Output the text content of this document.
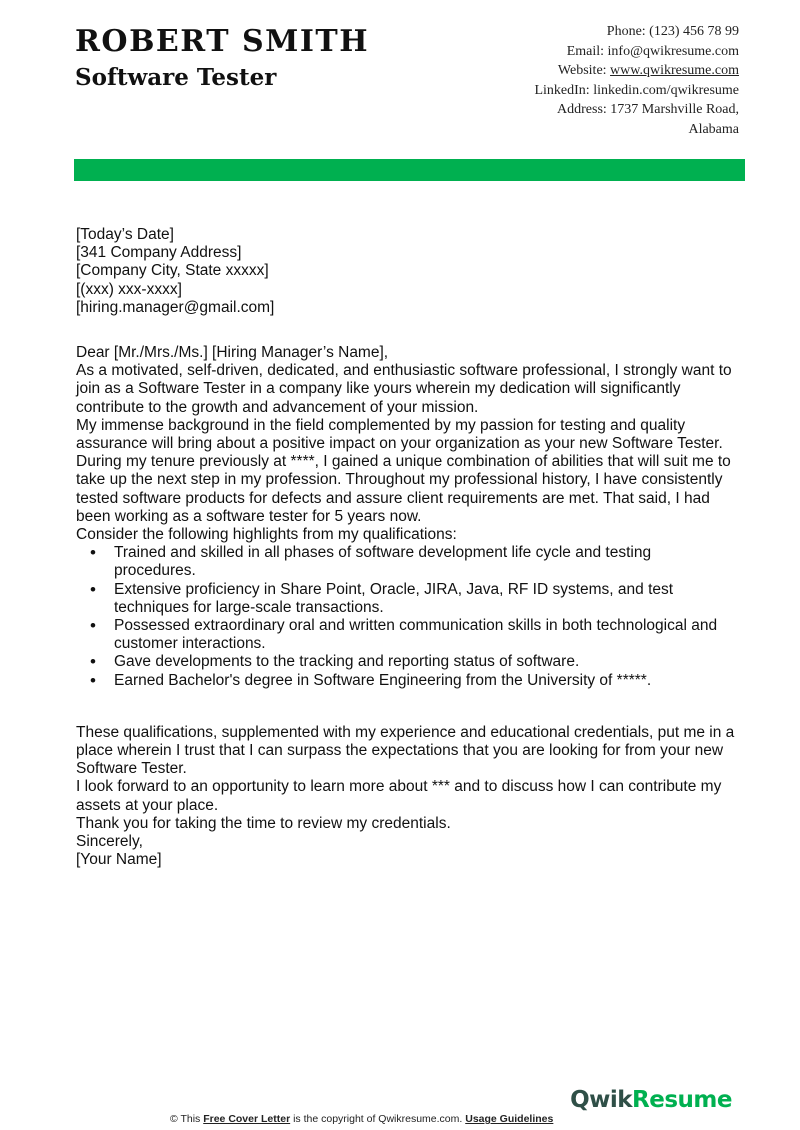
ROBERT SMITH
Software Tester
Phone: (123) 456 78 99
Email: info@qwikresume.com
Website: www.qwikresume.com
LinkedIn: linkedin.com/qwikresume
Address: 1737 Marshville Road,
Alabama

[Today’s Date]

[341 Company Address]

[Company City, State xxxxx]

[(xxx) xxx-xxxx]

[hiring.manager@gmail.com]

Dear [Mr./Mrs./Ms.] [Hiring Manager’s Name],

As a motivated, self-driven, dedicated, and enthusiastic software professional, I strongly want to join as a Software Tester in a company like yours wherein my dedication will significantly contribute to the growth and advancement of your mission.

My immense background in the field complemented by my passion for testing and quality assurance will bring about a positive impact on your organization as your new Software Tester.

During my tenure previously at ****, I gained a unique combination of abilities that will suit me to take up the next step in my profession. Throughout my professional history, I have consistently tested software products for defects and assure client requirements are met. That said, I had been working as a software tester for 5 years now.

Consider the following highlights from my qualifications:

• Trained and skilled in all phases of software development life cycle and testing procedures.
• Extensive proficiency in Share Point, Oracle, JIRA, Java, RF ID systems, and test techniques for large-scale transactions.
• Possessed extraordinary oral and written communication skills in both technological and customer interactions.
• Gave developments to the tracking and reporting status of software.
• Earned Bachelor's degree in Software Engineering from the University of *****.

These qualifications, supplemented with my experience and educational credentials, put me in a place wherein I trust that I can surpass the expectations that you are looking for from your new Software Tester.

I look forward to an opportunity to learn more about *** and to discuss how I can contribute my assets at your place.

Thank you for taking the time to review my credentials.

Sincerely,

[Your Name]

© This Free Cover Letter is the copyright of Qwikresume.com. Usage Guidelines
QwikResume
